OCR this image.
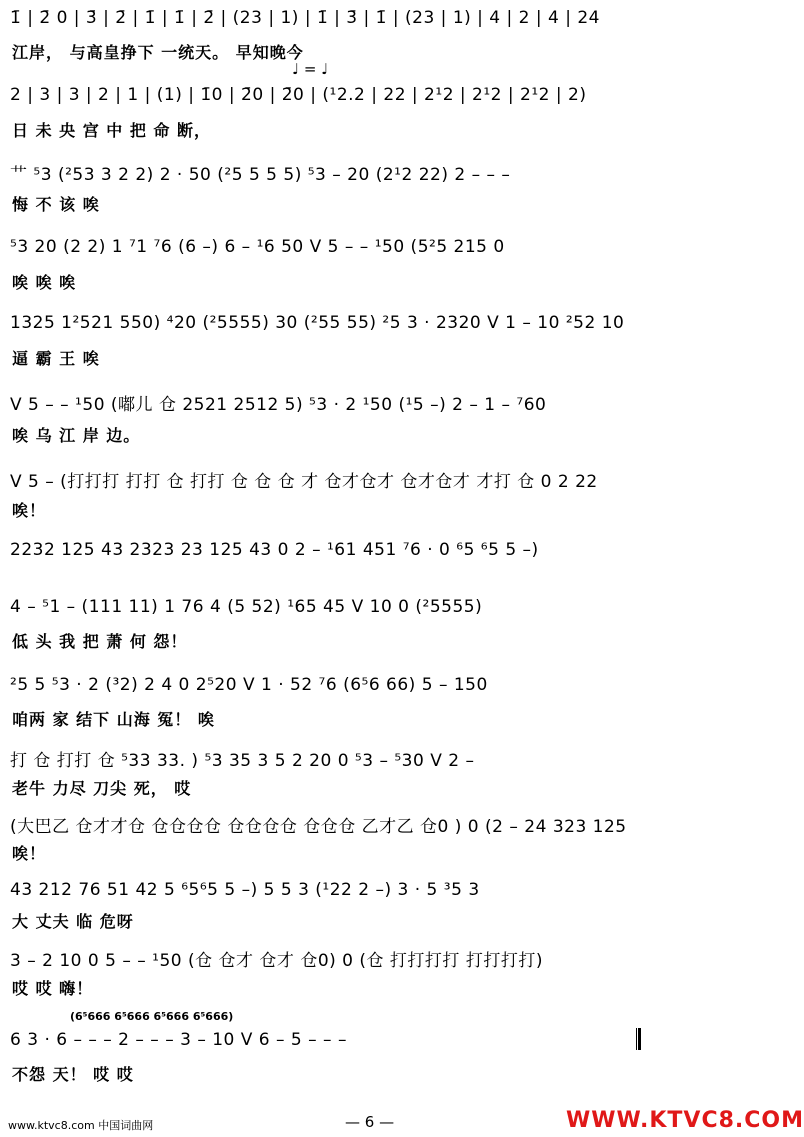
1̄ | 2̄ 0 | 3̄ | 2̄ | 1̄ | 1̄ | 2̄ | (23 | 1) | 1̄ | 3̄ | 1̄ | (23 | 1) | 4 | 2 | 4 | 24
江岸， 与高皇挣下 一统天。 早知晚今
♩ = ♩
2 | 3 | 3 | 2 | 1 | (1) | 1̄0 | 2̄0 | 2̄0 | (¹2.2 | 22 | 2¹2 | 2¹2 | 2¹2 | 2)
日 未 央 宫 中 把 命 断，
艹 ⁵3 (²53 3 2 2) 2 · 50 (²5 5 5 5) ⁵3 – 20 (2¹2 22) 2 – – –
悔 不 该 唉
⁵3 20 (2 2) 1 ⁷1 ⁷6 (6 –) 6 – ¹6 50 V 5 – – ¹50 (5²5 215 0
唉 唉 唉
1325 1²521 550) ⁴20 (²5555) 30 (²55 55) ²5 3 · 2320 V 1 – 10 ²52 10
逼 霸 王 唉
V 5 – – ¹50 (嘟儿 仓 2521 2512 5) ⁵3 · 2 ¹50 (¹5 –) 2 – 1 – ⁷60
唉 乌 江 岸 边。
V 5 – (打打打 打打 仓 打打 仓 仓 仓 才 仓才仓才 仓才仓才 才打 仓 0 2 22
唉！
2232 125 43 2323 23 125 43 0 2 – ¹61 451 ⁷6 · 0 ⁶5 ⁶5 5 –)
4 – ⁵1 – (111 11) 1 76 4 (5 52) ¹65 45 V 10 0 (²5555)
低 头 我 把 萧 何 怨！
²5 5 ⁵3 · 2 (³2) 2 4 0 2⁵20 V 1 · 52 ⁷6 (6⁵6 66) 5 – 150
咱两 家 结下 山海 冤！ 唉
打 仓 打打 仓 ⁵33 33. ) ⁵3 35 3 5 2 20 0 ⁵3 – ⁵30 V 2 –
老牛 力尽 刀尖 死， 哎
(大巴乙 仓才才仓 仓仓仓仓 仓仓仓仓 仓仓仓 乙才乙 仓0 ) 0 (2 – 24 323 125
唉！
43 212 76 51 42 5 ⁶5⁶5 5 –) 5 5 3 (¹22 2 –) 3 · 5 ³5 3
大 丈夫 临 危呀
3 – 2 10 0 5 – – ¹50 (仓 仓才 仓才 仓0) 0 (仓 打打打打 打打打打)
哎 哎 嗨！
(6⁵666 6⁵666 6⁵666 6⁵666)
6 3 · 6 – – – 2 – – – 3 – 10 V 6 – 5 – – –
不怨 天！ 哎 哎
www.ktvc8.com 中国词曲网	— 6 —	WWW.KTVC8.COM
